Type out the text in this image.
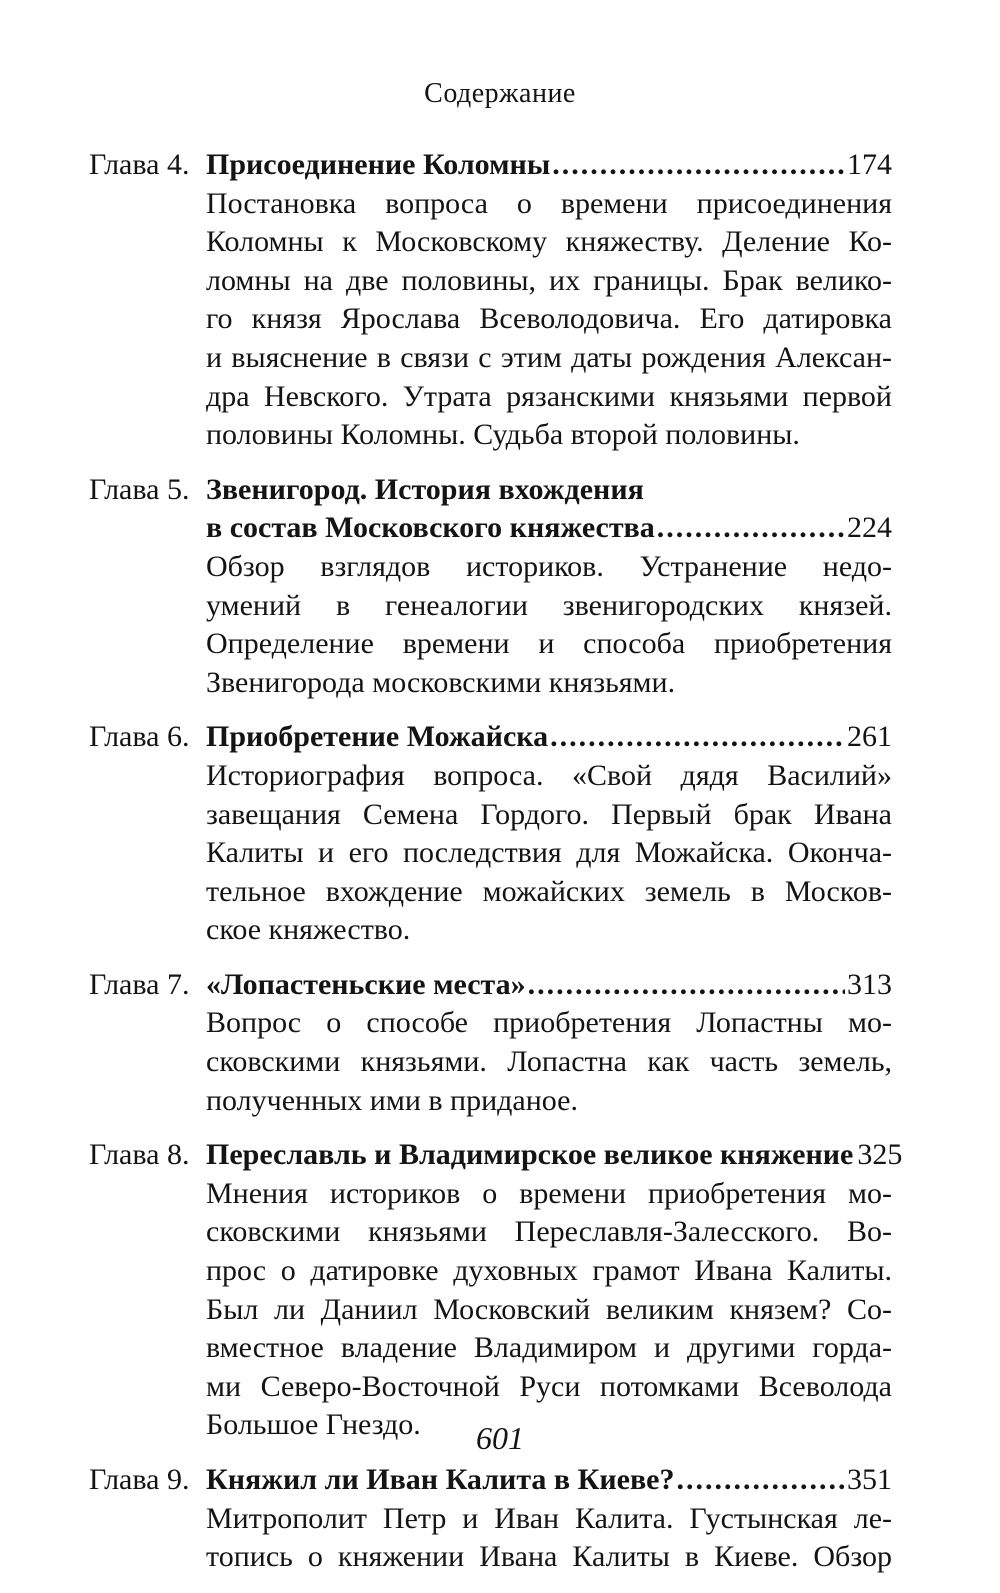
Содержание
Глава 4. Присоединение Коломны .....	174
Постановка вопроса о времени присоединения
Коломны к Московскому княжеству. Деление Ко-
ломны на две половины, их границы. Брак велико-
го князя Ярослава Всеволодовича. Его датировка
и выяснение в связи с этим даты рождения Алексан-
дра Невского. Утрата рязанскими князьями первой
половины Коломны. Судьба второй половины.
Глава 5. Звенигород. История вхождения
в состав Московского княжества .....	224
Обзор взглядов историков. Устранение недо-
умений в генеалогии звенигородских князей.
Определение времени и способа приобретения
Звенигорода московскими князьями.
Глава 6. Приобретение Можайска .....	261
Историография вопроса. «Свой дядя Василий»
завещания Семена Гордого. Первый брак Ивана
Калиты и его последствия для Можайска. Оконча-
тельное вхождение можайских земель в Москов-
ское княжество.
Глава 7. «Лопастеньские места» .....	313
Вопрос о способе приобретения Лопастны мо-
сковскими князьями. Лопастна как часть земель,
полученных ими в приданое.
Глава 8. Переславль и Владимирское великое княжение 325
Мнения историков о времени приобретения мо-
сковскими князьями Переславля-Залесского. Во-
прос о датировке духовных грамот Ивана Калиты.
Был ли Даниил Московский великим князем? Со-
вместное владение Владимиром и другими горда-
ми Северо-Восточной Руси потомками Всеволода
Большое Гнездо.
Глава 9. Княжил ли Иван Калита в Киеве? .....	351
Митрополит Петр и Иван Калита. Густынская ле-
топись о княжении Ивана Калиты в Киеве. Обзор
601
